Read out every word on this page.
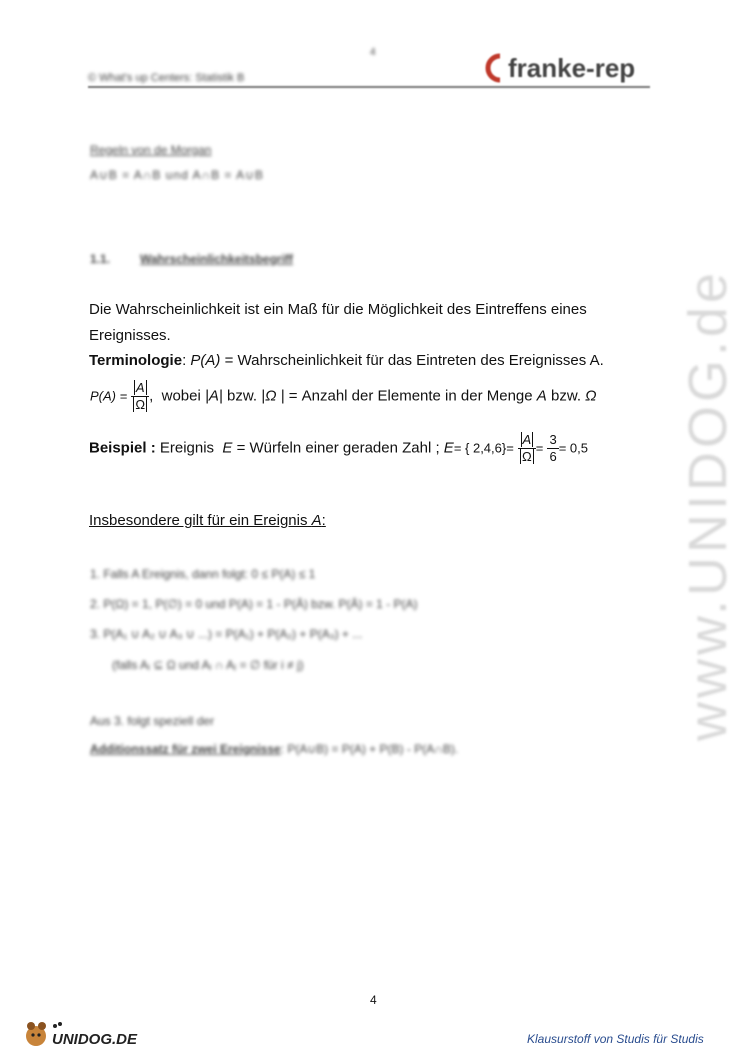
4
© What's up Centers: Statistik B	franke-rep
www.UNIDOG.de
Regeln von de Morgan
A∪B = A∩B und A∩B = A∪B
1.1. Wahrscheinlichkeitsbegriff
Die Wahrscheinlichkeit ist ein Maß für die Möglichkeit des Eintreffens eines
Ereignisses.
Terminologie: P(A) = Wahrscheinlichkeit für das Eintreten des Ereignisses A.
$P(A) = \frac{A}{\Omega}$ , wobei |A| bzw. |Ω | = Anzahl der Elemente in der Menge A bzw. Ω
Beispiel : Ereignis E = Würfeln einer geraden Zahl ; E= { $2,4,6\}= \frac{A}{\Omega} = \frac{3}{6} = 0,5$
Insbesondere gilt für ein Ereignis A:
1. Falls A Ereignis, dann folgt: 0 ≤ P(A) ≤ 1
2. P(Ω) = 1, P(∅) = 0 und P(A) = 1 - P(Ā) bzw. P(Ā) = 1 - P(A)
3. P(A₁ ∪ A₂ ∪ A₃ ∪ ...) = P(A₁) + P(A₂) + P(A₃) + ...
(falls Aᵢ ⊆ Ω und Aᵢ ∩ Aⱼ = ∅ für i ≠ j)
Aus 3. folgt speziell der
Additionssatz für zwei Ereignisse: P(A∪B) = P(A) + P(B) - P(A∩B).
4
UNIDOG.DE	Klausurstoff von Studis für Studis
